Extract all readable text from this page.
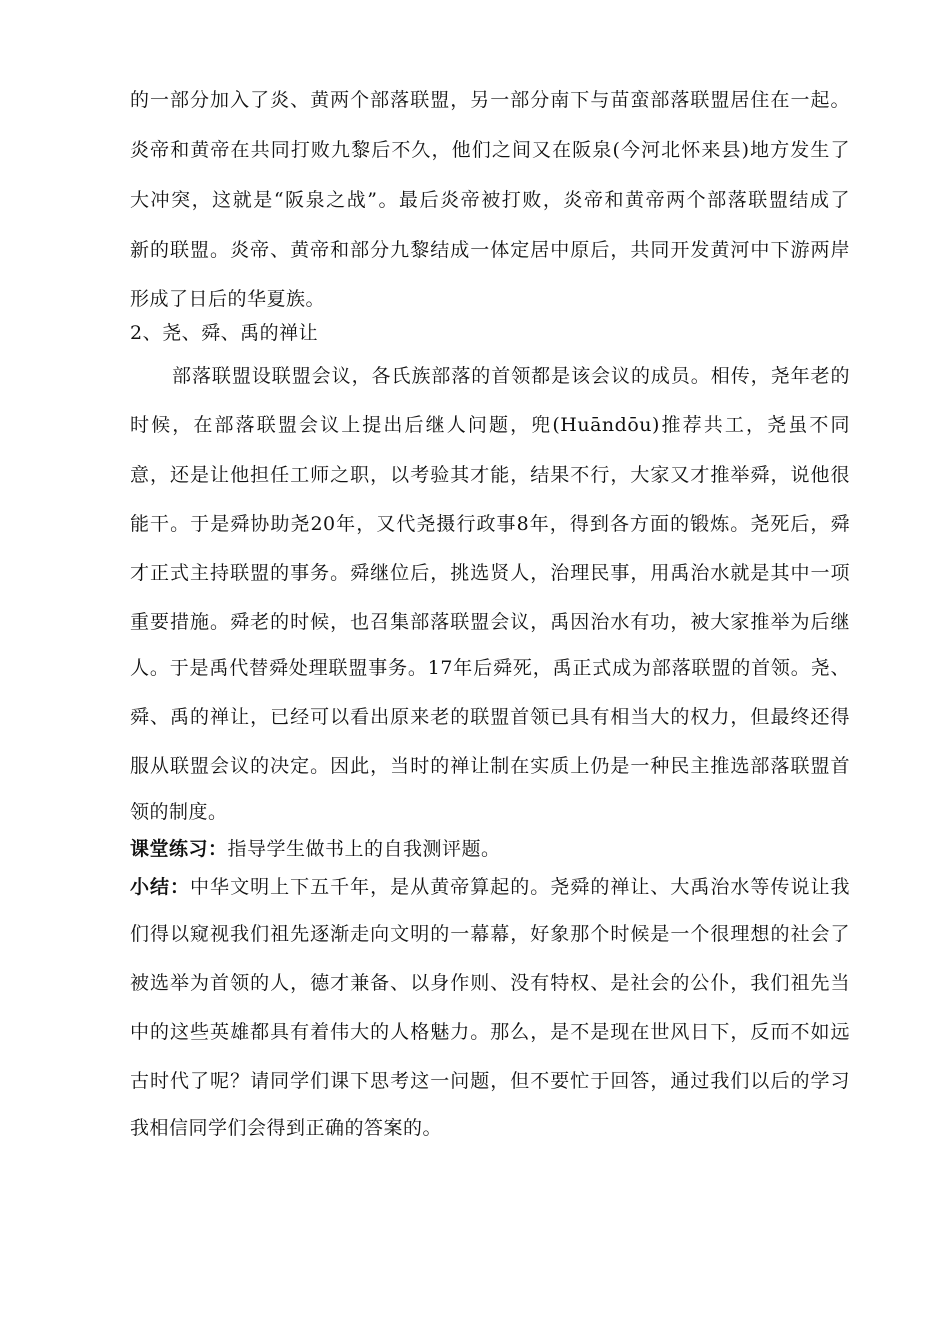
的一部分加入了炎、黄两个部落联盟，另一部分南下与苗蛮部落联盟居住在一起。
炎帝和黄帝在共同打败九黎后不久，他们之间又在阪泉(今河北怀来县)地方发生了
大冲突，这就是“阪泉之战”。最后炎帝被打败，炎帝和黄帝两个部落联盟结成了
新的联盟。炎帝、黄帝和部分九黎结成一体定居中原后，共同开发黄河中下游两岸
形成了日后的华夏族。
2、尧、舜、禹的禅让
部落联盟设联盟会议，各氏族部落的首领都是该会议的成员。相传，尧年老的
时候，在部落联盟会议上提出后继人问题，兜(Huāndōu)推荐共工，尧虽不同
意，还是让他担任工师之职，以考验其才能，结果不行，大家又才推举舜，说他很
能干。于是舜协助尧20年，又代尧摄行政事8年，得到各方面的锻炼。尧死后，舜
才正式主持联盟的事务。舜继位后，挑选贤人，治理民事，用禹治水就是其中一项
重要措施。舜老的时候，也召集部落联盟会议，禹因治水有功，被大家推举为后继
人。于是禹代替舜处理联盟事务。17年后舜死，禹正式成为部落联盟的首领。尧、
舜、禹的禅让，已经可以看出原来老的联盟首领已具有相当大的权力，但最终还得
服从联盟会议的决定。因此，当时的禅让制在实质上仍是一种民主推选部落联盟首
领的制度。
课堂练习：指导学生做书上的自我测评题。
小结：中华文明上下五千年，是从黄帝算起的。尧舜的禅让、大禹治水等传说让我
们得以窥视我们祖先逐渐走向文明的一幕幕，好象那个时候是一个很理想的社会了
被选举为首领的人，德才兼备、以身作则、没有特权、是社会的公仆，我们祖先当
中的这些英雄都具有着伟大的人格魅力。那么，是不是现在世风日下，反而不如远
古时代了呢？请同学们课下思考这一问题，但不要忙于回答，通过我们以后的学习
我相信同学们会得到正确的答案的。
